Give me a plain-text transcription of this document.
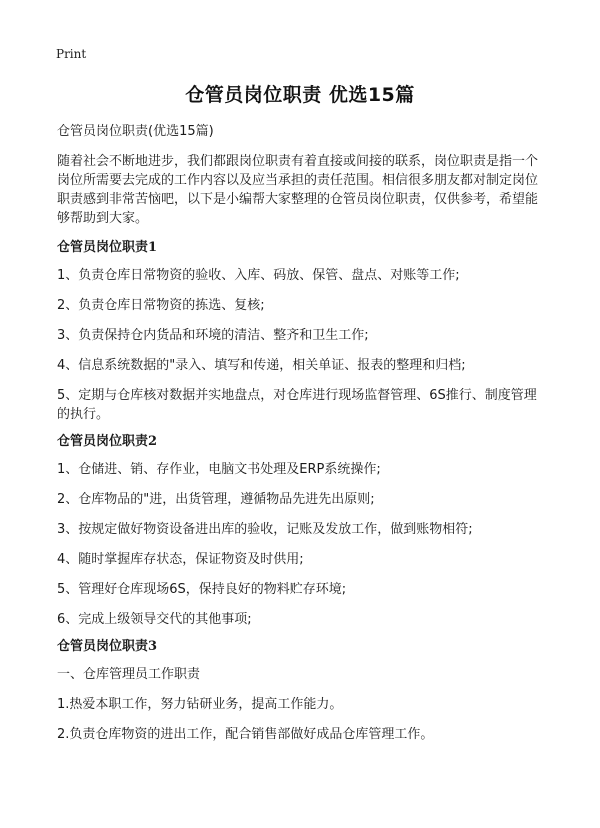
Print
仓管员岗位职责 优选15篇

仓管员岗位职责(优选15篇)

随着社会不断地进步，我们都跟岗位职责有着直接或间接的联系，岗位职责是指一个岗位所需要去完成的工作内容以及应当承担的责任范围。相信很多朋友都对制定岗位职责感到非常苦恼吧，以下是小编帮大家整理的仓管员岗位职责，仅供参考，希望能够帮助到大家。

仓管员岗位职责1

1、负责仓库日常物资的验收、入库、码放、保管、盘点、对账等工作;

2、负责仓库日常物资的拣选、复核;

3、负责保持仓内货品和环境的清洁、整齐和卫生工作;

4、信息系统数据的"录入、填写和传递，相关单证、报表的整理和归档;

5、定期与仓库核对数据并实地盘点，对仓库进行现场监督管理、6S推行、制度管理的执行。

仓管员岗位职责2

1、仓储进、销、存作业，电脑文书处理及ERP系统操作;

2、仓库物品的"进，出货管理，遵循物品先进先出原则;

3、按规定做好物资设备进出库的验收，记账及发放工作，做到账物相符;

4、随时掌握库存状态，保证物资及时供用;

5、管理好仓库现场6S，保持良好的物料贮存环境;

6、完成上级领导交代的其他事项;

仓管员岗位职责3

一、仓库管理员工作职责

1.热爱本职工作，努力钻研业务，提高工作能力。

2.负责仓库物资的进出工作，配合销售部做好成品仓库管理工作。
